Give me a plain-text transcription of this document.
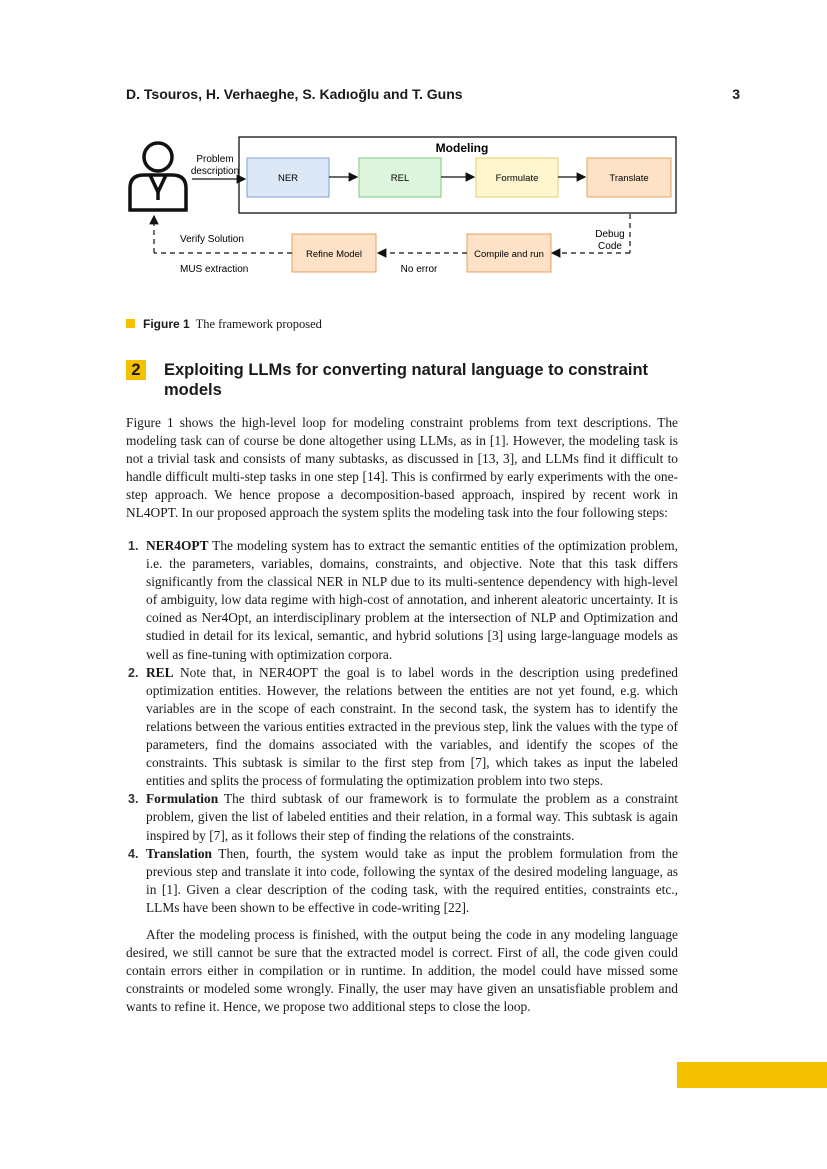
D. Tsouros, H. Verhaeghe, S. Kadıoğlu and T. Guns	3
Problem
description
Modeling
NER	REL	Formulate	Translate
Debug
Code
Compile and run
No error
Refine Model
Verify Solution
MUS extraction
Figure 1 The framework proposed
2	Exploiting LLMs for converting natural language to constraint models

Figure 1 shows the high-level loop for modeling constraint problems from text descriptions. The modeling task can of course be done altogether using LLMs, as in [1]. However, the modeling task is not a trivial task and consists of many subtasks, as discussed in [13, 3], and LLMs find it difficult to handle difficult multi-step tasks in one step [14]. This is confirmed by early experiments with the one-step approach. We hence propose a decomposition-based approach, inspired by recent work in NL4OPT. In our proposed approach the system splits the modeling task into the four following steps:

1. NER4OPT The modeling system has to extract the semantic entities of the optimization problem, i.e. the parameters, variables, domains, constraints, and objective. Note that this task differs significantly from the classical NER in NLP due to its multi-sentence dependency with high-level of ambiguity, low data regime with high-cost of annotation, and inherent aleatoric uncertainty. It is coined as Ner4Opt, an interdisciplinary problem at the intersection of NLP and Optimization and studied in detail for its lexical, semantic, and hybrid solutions [3] using large-language models as well as fine-tuning with optimization corpora.
2. REL Note that, in NER4OPT the goal is to label words in the description using predefined optimization entities. However, the relations between the entities are not yet found, e.g. which variables are in the scope of each constraint. In the second task, the system has to identify the relations between the various entities extracted in the previous step, link the values with the type of parameters, find the domains associated with the variables, and identify the scopes of the constraints. This subtask is similar to the first step from [7], which takes as input the labeled entities and splits the process of formulating the optimization problem into two steps.
3. Formulation The third subtask of our framework is to formulate the problem as a constraint problem, given the list of labeled entities and their relation, in a formal way. This subtask is again inspired by [7], as it follows their step of finding the relations of the constraints.
4. Translation Then, fourth, the system would take as input the problem formulation from the previous step and translate it into code, following the syntax of the desired modeling language, as in [1]. Given a clear description of the coding task, with the required entities, constraints etc., LLMs have been shown to be effective in code-writing [22].

After the modeling process is finished, with the output being the code in any modeling language desired, we still cannot be sure that the extracted model is correct. First of all, the code given could contain errors either in compilation or in runtime. In addition, the model could have missed some constraints or modeled some wrongly. Finally, the user may have given an unsatisfiable problem and wants to refine it. Hence, we propose two additional steps to close the loop.
